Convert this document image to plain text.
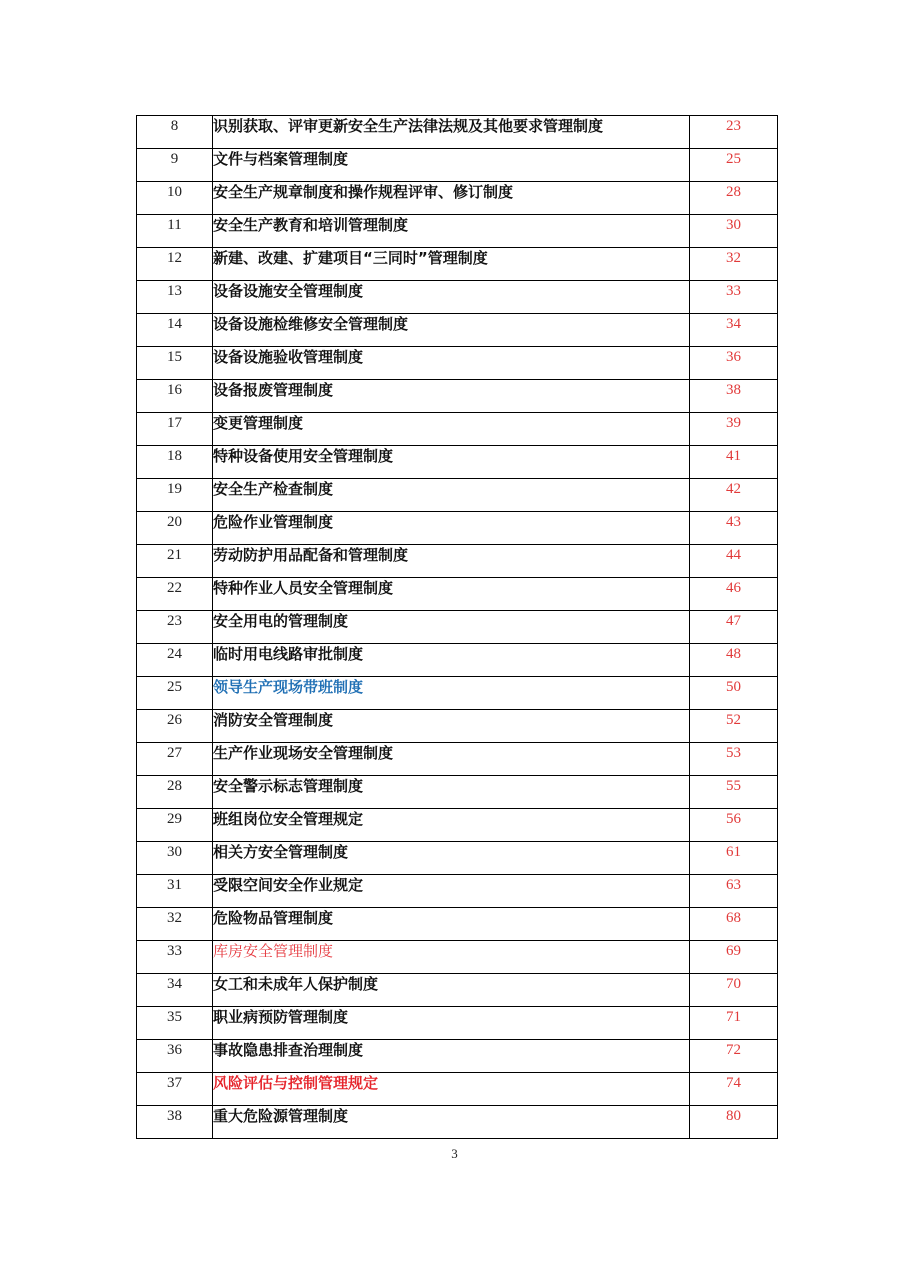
8	识别获取、评审更新安全生产法律法规及其他要求管理制度	23
9	文件与档案管理制度	25
10	安全生产规章制度和操作规程评审、修订制度	28
11	安全生产教育和培训管理制度	30
12	新建、改建、扩建项目“三同时”管理制度	32
13	设备设施安全管理制度	33
14	设备设施检维修安全管理制度	34
15	设备设施验收管理制度	36
16	设备报废管理制度	38
17	变更管理制度	39
18	特种设备使用安全管理制度	41
19	安全生产检查制度	42
20	危险作业管理制度	43
21	劳动防护用品配备和管理制度	44
22	特种作业人员安全管理制度	46
23	安全用电的管理制度	47
24	临时用电线路审批制度	48
25	领导生产现场带班制度	50
26	消防安全管理制度	52
27	生产作业现场安全管理制度	53
28	安全警示标志管理制度	55
29	班组岗位安全管理规定	56
30	相关方安全管理制度	61
31	受限空间安全作业规定	63
32	危险物品管理制度	68
33	库房安全管理制度	69
34	女工和未成年人保护制度	70
35	职业病预防管理制度	71
36	事故隐患排查治理制度	72
37	风险评估与控制管理规定	74
38	重大危险源管理制度	80
3
